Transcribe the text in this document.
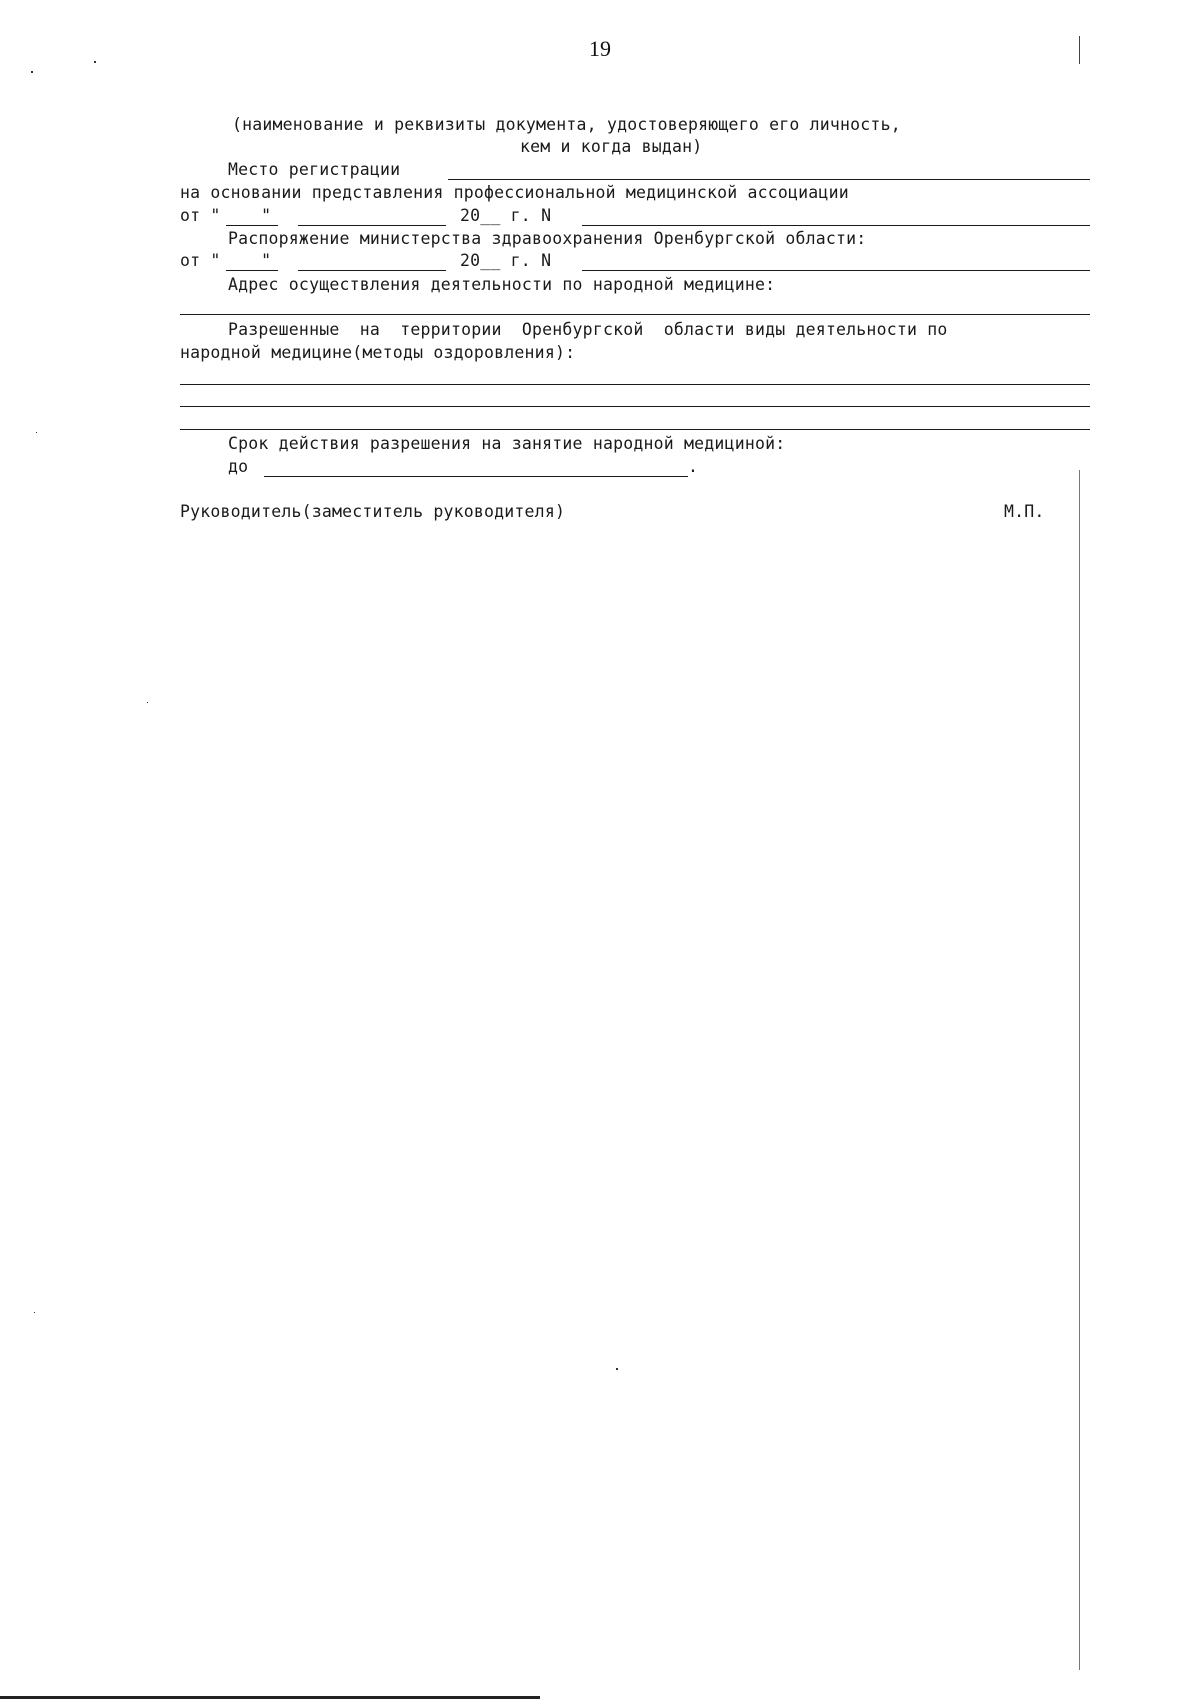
19
(наименование и реквизиты документа, удостоверяющего его личность,
кем и когда выдан)
Место регистрации
на основании представления профессиональной медицинской ассоциации
от "    "	20__ г. N
Распоряжение министерства здравоохранения Оренбургской области:
от "    "	20__ г. N
Адрес осуществления деятельности по народной медицине:
Разрешенные  на  территории  Оренбургской  области виды деятельности по
народной медицине(методы оздоровления):
Срок действия разрешения на занятие народной медициной:
до	.
Руководитель(заместитель руководителя)	М.П.
